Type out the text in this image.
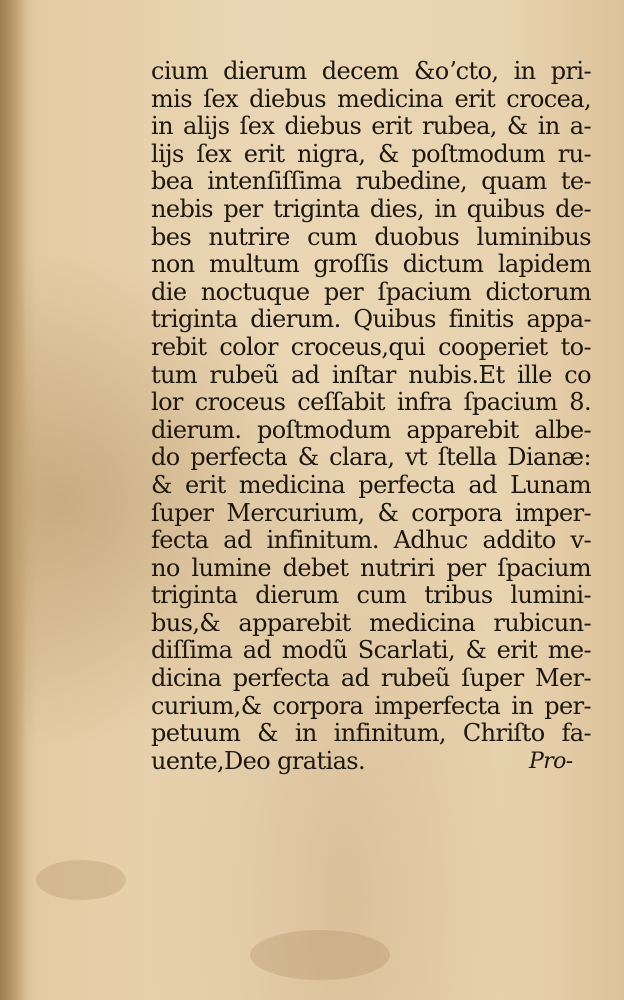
cium dierum decem &oʼcto, in pri-
mis ſex diebus medicina erit crocea,
in alijs ſex diebus erit rubea, & in a-
lijs ſex erit nigra, & poſtmodum ru-
bea intenſiſſima rubedine, quam te-
nebis per triginta dies, in quibus de-
bes nutrire cum duobus luminibus
non multum groſſis dictum lapidem
die noctuque per ſpacium dictorum
triginta dierum. Quibus finitis appa-
rebit color croceus,qui cooperiet to-
tum rubeũ ad inſtar nubis.Et ille co
lor croceus ceſſabit infra ſpacium 8.
dierum. poſtmodum apparebit albe-
do perfecta & clara, vt ſtella Dianæ:
& erit medicina perfecta ad Lunam
ſuper Mercurium, & corpora imper-
fecta ad infinitum. Adhuc addito v-
no lumine debet nutriri per ſpacium
triginta dierum cum tribus lumini-
bus,& apparebit medicina rubicun-
diſſima ad modũ Scarlati, & erit me-
dicina perfecta ad rubeũ ſuper Mer-
curium,& corpora imperfecta in per-
petuum & in infinitum, Chriſto fa-
uente,Deo gratias.	Pro-
